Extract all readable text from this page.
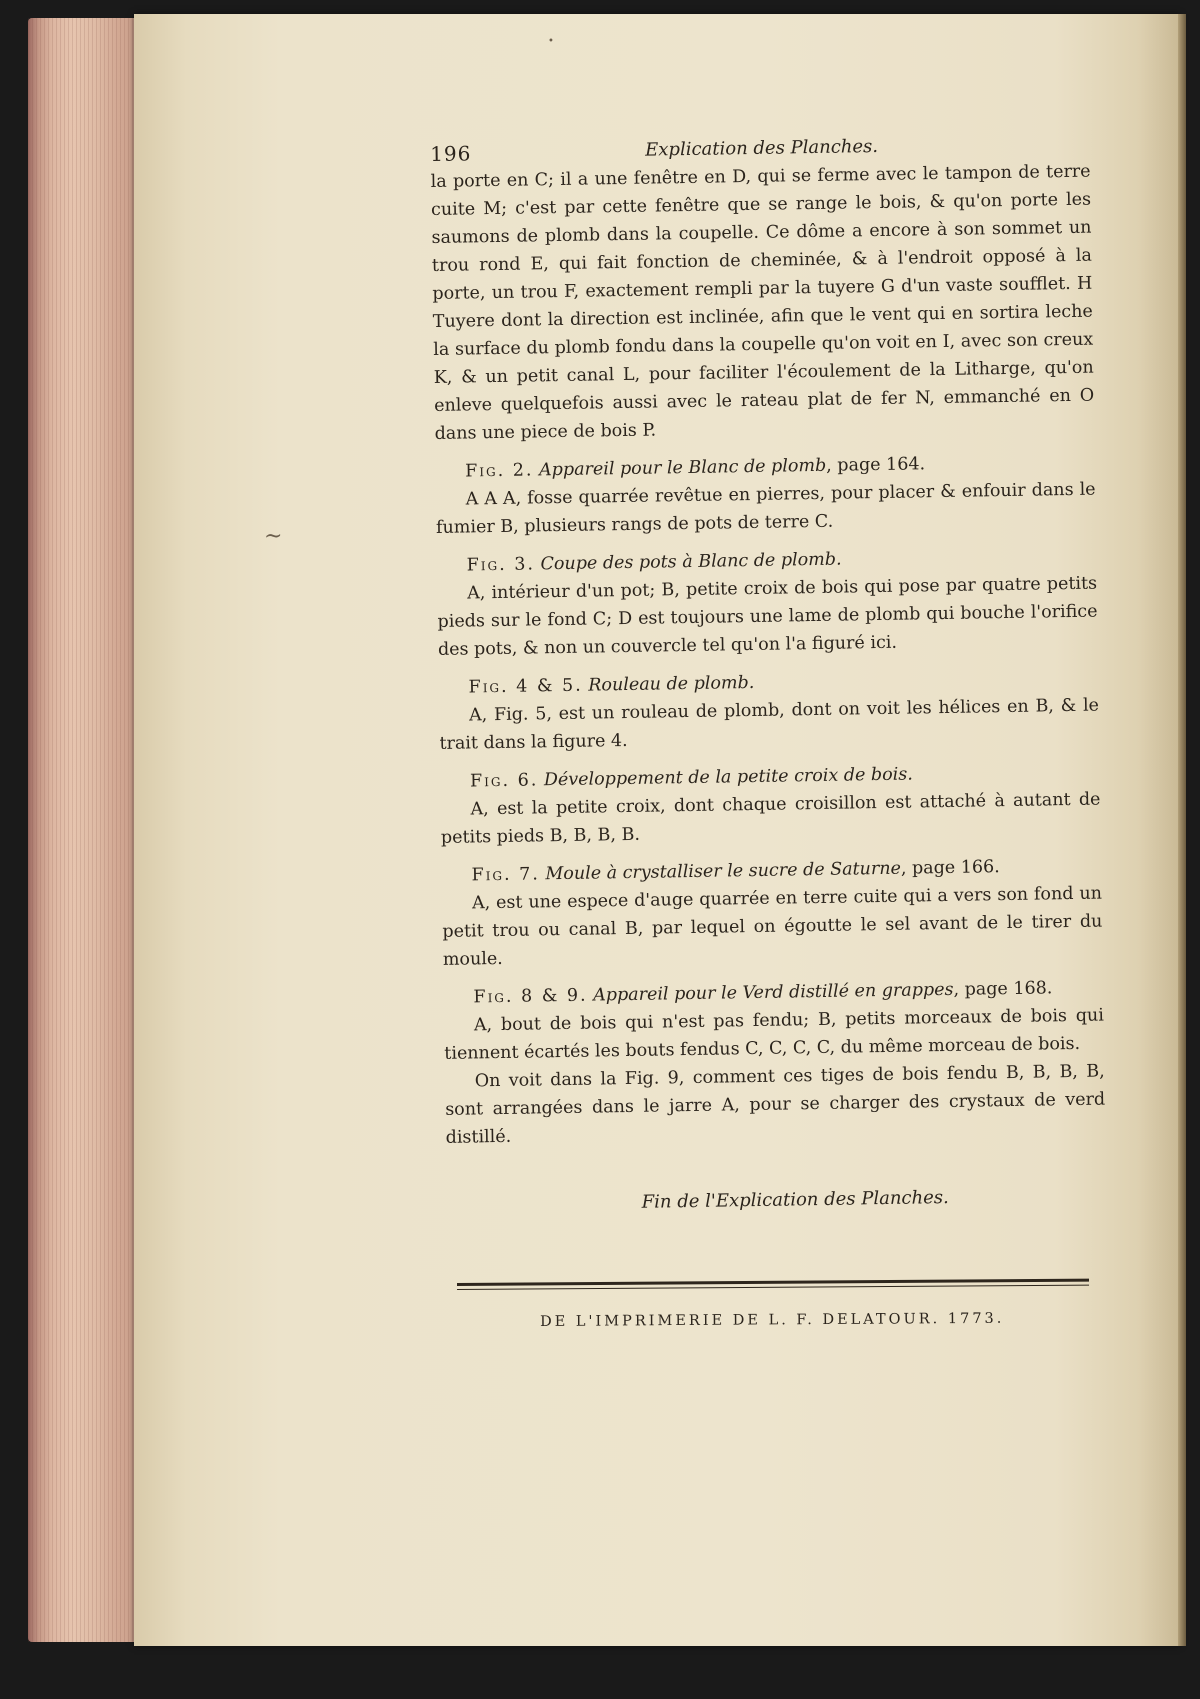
•
~
196	Explication des Planches.

la porte en C; il a une fenêtre en D, qui se ferme avec le tampon de terre cuite M; c'est par cette fenêtre que se range le bois, & qu'on porte les saumons de plomb dans la coupelle. Ce dôme a encore à son sommet un trou rond E, qui fait fonction de cheminée, & à l'endroit opposé à la porte, un trou F, exactement rempli par la tuyere G d'un vaste soufflet. H Tuyere dont la direction est inclinée, afin que le vent qui en sortira leche la surface du plomb fondu dans la coupelle qu'on voit en I, avec son creux K, & un petit canal L, pour faciliter l'écoulement de la Litharge, qu'on enleve quelquefois aussi avec le rateau plat de fer N, emmanché en O dans une piece de bois P.

Fig. 2. Appareil pour le Blanc de plomb, page 164.

A A A, fosse quarrée revêtue en pierres, pour placer & enfouir dans le fumier B, plusieurs rangs de pots de terre C.

Fig. 3. Coupe des pots à Blanc de plomb.

A, intérieur d'un pot; B, petite croix de bois qui pose par quatre petits pieds sur le fond C; D est toujours une lame de plomb qui bouche l'orifice des pots, & non un couvercle tel qu'on l'a figuré ici.

Fig. 4 & 5. Rouleau de plomb.

A, Fig. 5, est un rouleau de plomb, dont on voit les hélices en B, & le trait dans la figure 4.

Fig. 6. Développement de la petite croix de bois.

A, est la petite croix, dont chaque croisillon est attaché à autant de petits pieds B, B, B, B.

Fig. 7. Moule à crystalliser le sucre de Saturne, page 166.

A, est une espece d'auge quarrée en terre cuite qui a vers son fond un petit trou ou canal B, par lequel on égoutte le sel avant de le tirer du moule.

Fig. 8 & 9. Appareil pour le Verd distillé en grappes, page 168.

A, bout de bois qui n'est pas fendu; B, petits morceaux de bois qui tiennent écartés les bouts fendus C, C, C, C, du même morceau de bois.

On voit dans la Fig. 9, comment ces tiges de bois fendu B, B, B, B, sont arrangées dans le jarre A, pour se charger des crystaux de verd distillé.

Fin de l'Explication des Planches.

DE L'IMPRIMERIE DE L. F. DELATOUR. 1773.
